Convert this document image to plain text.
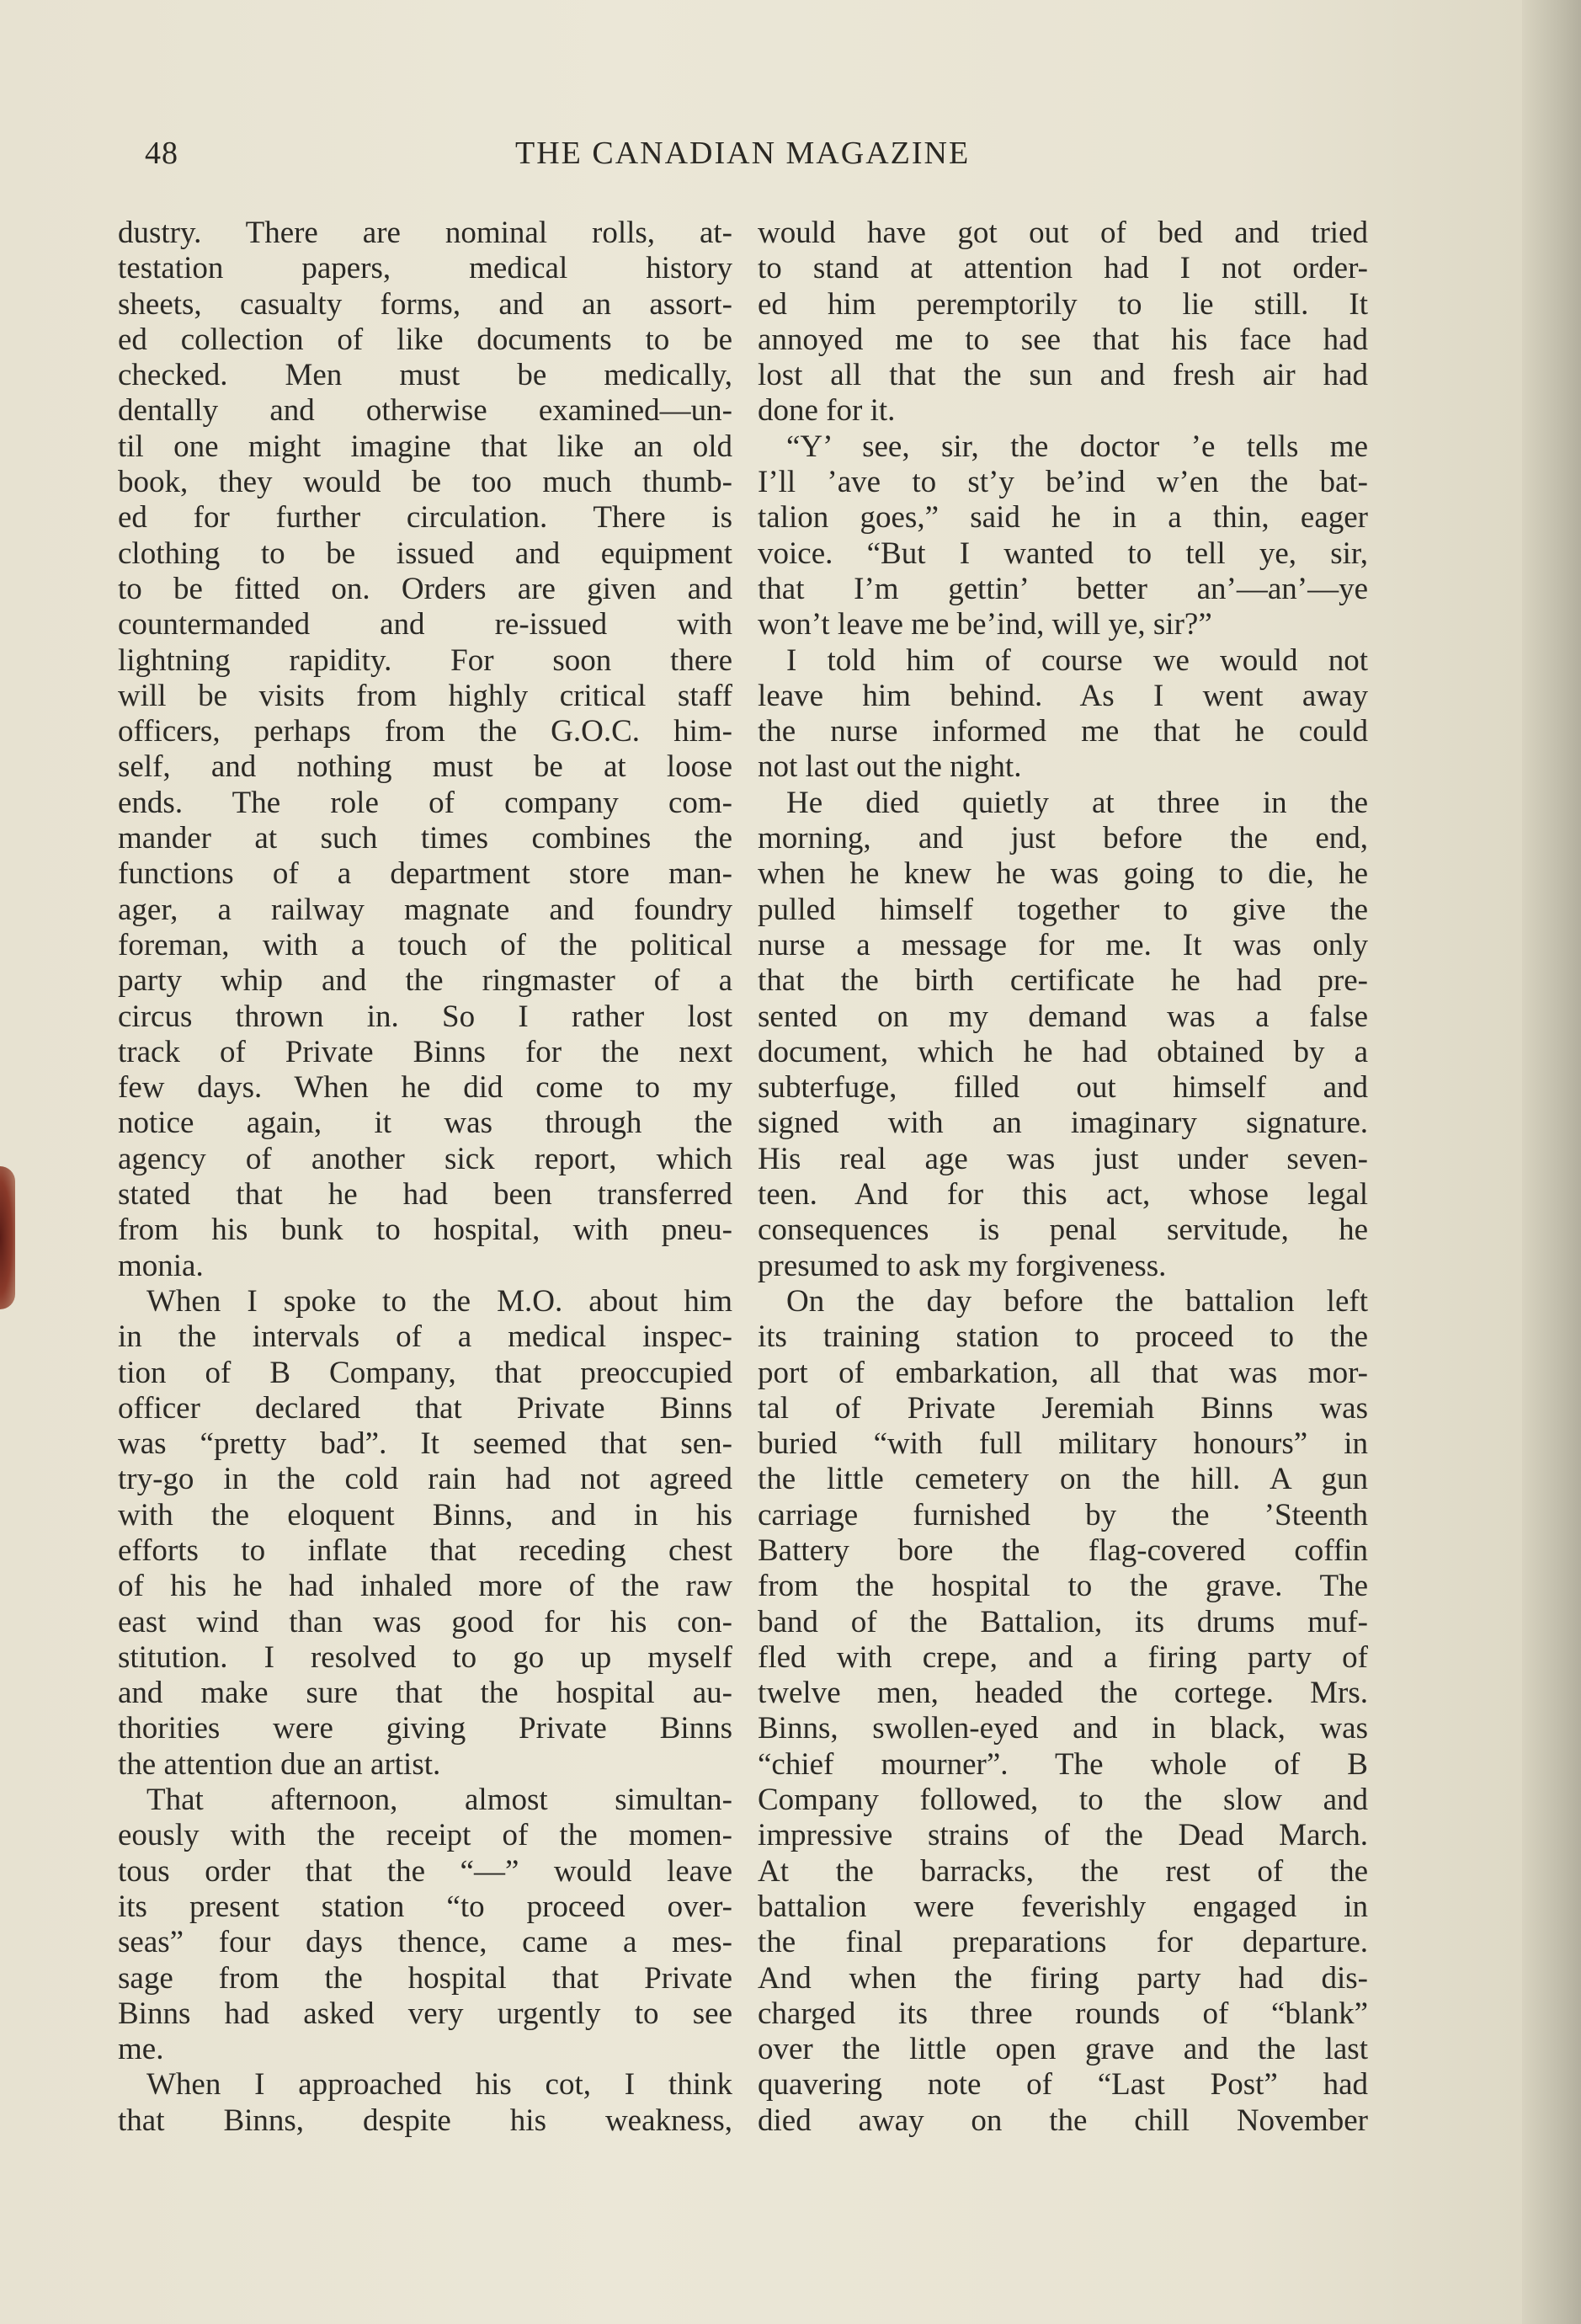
48	THE CANADIAN MAGAZINE
dustry. There are nominal rolls, at-
testation papers, medical history
sheets, casualty forms, and an assort-
ed collection of like documents to be
checked. Men must be medically,
dentally and otherwise examined—un-
til one might imagine that like an old
book, they would be too much thumb-
ed for further circulation. There is
clothing to be issued and equipment
to be fitted on. Orders are given and
countermanded and re-issued with
lightning rapidity. For soon there
will be visits from highly critical staff
officers, perhaps from the G.O.C. him-
self, and nothing must be at loose
ends. The role of company com-
mander at such times combines the
functions of a department store man-
ager, a railway magnate and foundry
foreman, with a touch of the political
party whip and the ringmaster of a
circus thrown in. So I rather lost
track of Private Binns for the next
few days. When he did come to my
notice again, it was through the
agency of another sick report, which
stated that he had been transferred
from his bunk to hospital, with pneu-
monia.
When I spoke to the M.O. about him
in the intervals of a medical inspec-
tion of B Company, that preoccupied
officer declared that Private Binns
was “pretty bad”. It seemed that sen-
try-go in the cold rain had not agreed
with the eloquent Binns, and in his
efforts to inflate that receding chest
of his he had inhaled more of the raw
east wind than was good for his con-
stitution. I resolved to go up myself
and make sure that the hospital au-
thorities were giving Private Binns
the attention due an artist.
That afternoon, almost simultan-
eously with the receipt of the momen-
tous order that the “—” would leave
its present station “to proceed over-
seas” four days thence, came a mes-
sage from the hospital that Private
Binns had asked very urgently to see
me.
When I approached his cot, I think
that Binns, despite his weakness,
would have got out of bed and tried
to stand at attention had I not order-
ed him peremptorily to lie still. It
annoyed me to see that his face had
lost all that the sun and fresh air had
done for it.
“Y’ see, sir, the doctor ’e tells me
I’ll ’ave to st’y be’ind w’en the bat-
talion goes,” said he in a thin, eager
voice. “But I wanted to tell ye, sir,
that I’m gettin’ better an’—an’—ye
won’t leave me be’ind, will ye, sir?”
I told him of course we would not
leave him behind. As I went away
the nurse informed me that he could
not last out the night.
He died quietly at three in the
morning, and just before the end,
when he knew he was going to die, he
pulled himself together to give the
nurse a message for me. It was only
that the birth certificate he had pre-
sented on my demand was a false
document, which he had obtained by a
subterfuge, filled out himself and
signed with an imaginary signature.
His real age was just under seven-
teen. And for this act, whose legal
consequences is penal servitude, he
presumed to ask my forgiveness.
On the day before the battalion left
its training station to proceed to the
port of embarkation, all that was mor-
tal of Private Jeremiah Binns was
buried “with full military honours” in
the little cemetery on the hill. A gun
carriage furnished by the ’Steenth
Battery bore the flag-covered coffin
from the hospital to the grave. The
band of the Battalion, its drums muf-
fled with crepe, and a firing party of
twelve men, headed the cortege. Mrs.
Binns, swollen-eyed and in black, was
“chief mourner”. The whole of B
Company followed, to the slow and
impressive strains of the Dead March.
At the barracks, the rest of the
battalion were feverishly engaged in
the final preparations for departure.
And when the firing party had dis-
charged its three rounds of “blank”
over the little open grave and the last
quavering note of “Last Post” had
died away on the chill November
